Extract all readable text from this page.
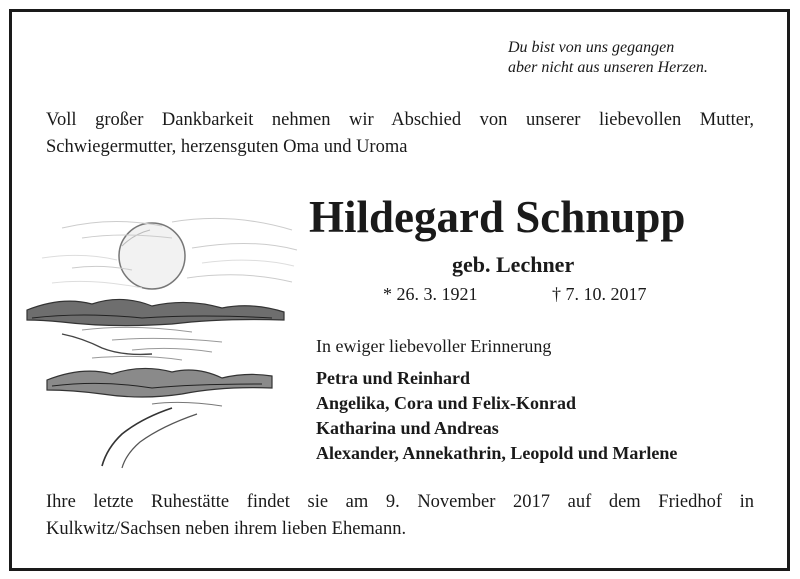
Du bist von uns gegangen
aber nicht aus unseren Herzen.
Voll großer Dankbarkeit nehmen wir Abschied von unserer liebevollen Mutter,
Schwiegermutter, herzensguten Oma und Uroma
Hildegard Schnupp
geb. Lechner
* 26. 3. 1921	† 7. 10. 2017
In ewiger liebevoller Erinnerung
Petra und Reinhard
Angelika, Cora und Felix-Konrad
Katharina und Andreas
Alexander, Annekathrin, Leopold und Marlene
Ihre letzte Ruhestätte findet sie am 9. November 2017 auf dem Friedhof in
Kulkwitz/Sachsen neben ihrem lieben Ehemann.
